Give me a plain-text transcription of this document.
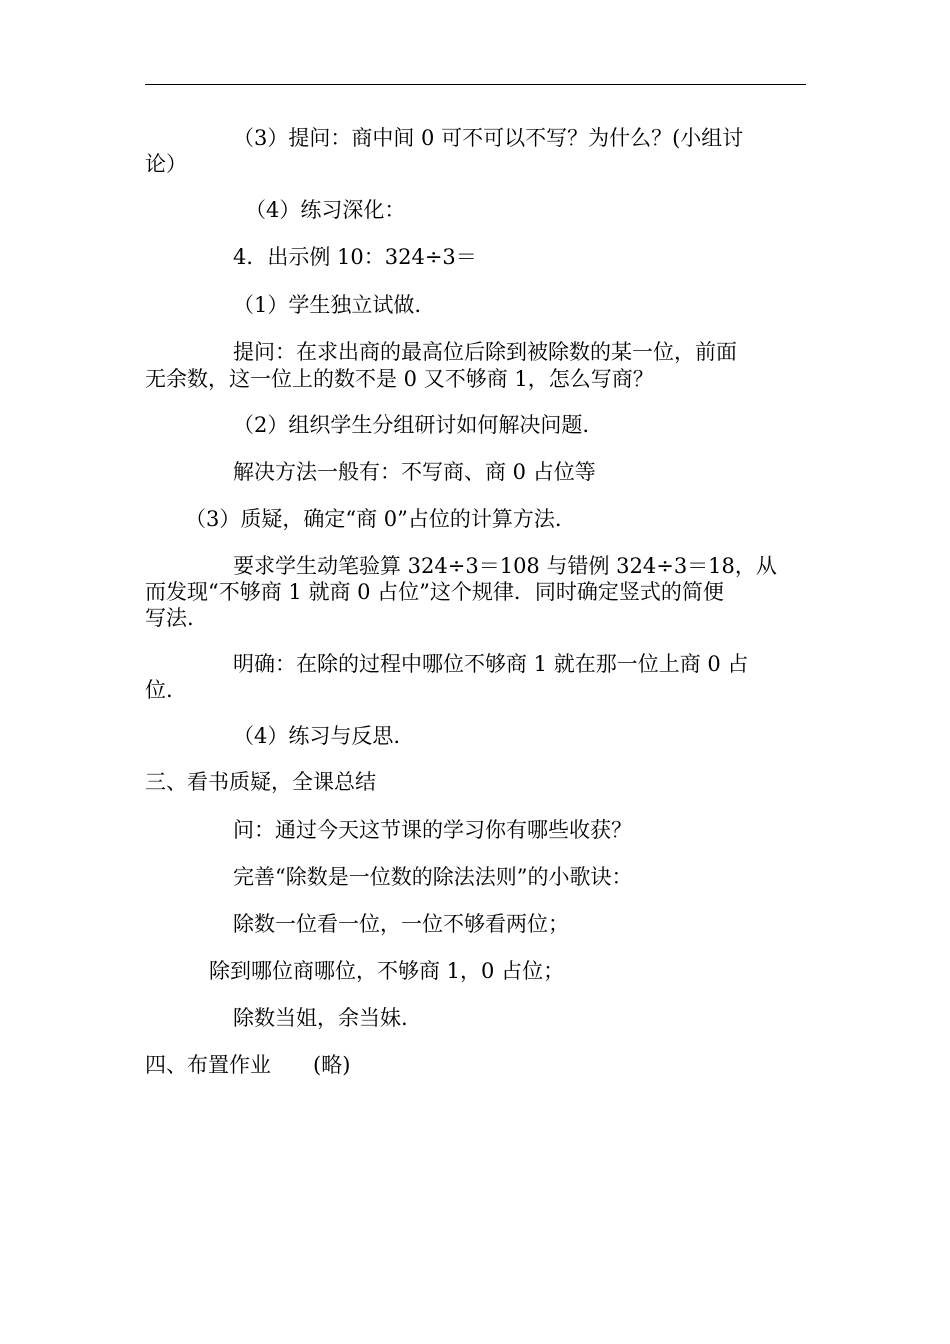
（3）提问：商中间 0 可不可以不写？为什么？(小组讨
论）
（4）练习深化：
4．出示例 10：324÷3＝
（1）学生独立试做.
提问：在求出商的最高位后除到被除数的某一位，前面
无余数，这一位上的数不是 0 又不够商 1，怎么写商？
（2）组织学生分组研讨如何解决问题.
解决方法一般有：不写商、商 0 占位等
（3）质疑，确定“商 0”占位的计算方法.
要求学生动笔验算 324÷3＝108 与错例 324÷3＝18，从
而发现“不够商 1 就商 0 占位”这个规律．同时确定竖式的简便
写法.
明确：在除的过程中哪位不够商 1 就在那一位上商 0 占
位.
（4）练习与反思.
三、看书质疑，全课总结
问：通过今天这节课的学习你有哪些收获？
完善“除数是一位数的除法法则”的小歌诀：
除数一位看一位，一位不够看两位；
除到哪位商哪位，不够商 1，0 占位；
除数当姐，余当妹.
四、布置作业　　(略)
